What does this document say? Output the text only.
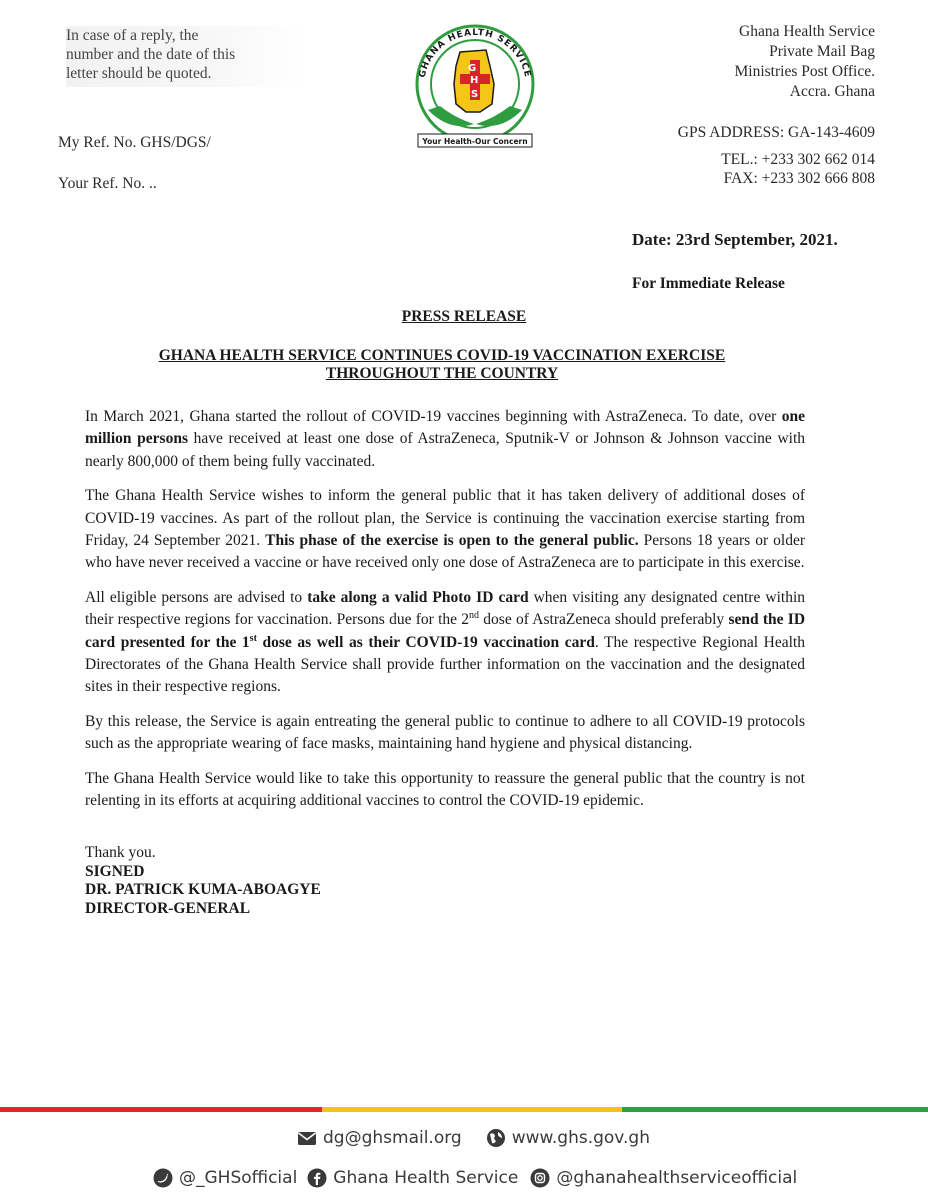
In case of a reply, the
number and the date of this
letter should be quoted.
My Ref. No. GHS/DGS/
Your Ref. No. ..
GHANA HEALTH SERVICE
G
H
S
Your Health-Our Concern
Ghana Health Service
Private Mail Bag
Ministries Post Office.
Accra. Ghana
GPS ADDRESS: GA-143-4609
TEL.: +233 302 662 014
FAX: +233 302 666 808
Date: 23rd September, 2021.
For Immediate Release
PRESS RELEASE
GHANA HEALTH SERVICE CONTINUES COVID-19 VACCINATION EXERCISE
THROUGHOUT THE COUNTRY

In March 2021, Ghana started the rollout of COVID-19 vaccines beginning with AstraZeneca. To date, over one million persons have received at least one dose of AstraZeneca, Sputnik-V or Johnson & Johnson vaccine with nearly 800,000 of them being fully vaccinated.

The Ghana Health Service wishes to inform the general public that it has taken delivery of additional doses of COVID-19 vaccines. As part of the rollout plan, the Service is continuing the vaccination exercise starting from Friday, 24 September 2021. This phase of the exercise is open to the general public. Persons 18 years or older who have never received a vaccine or have received only one dose of AstraZeneca are to participate in this exercise.

All eligible persons are advised to take along a valid Photo ID card when visiting any designated centre within their respective regions for vaccination. Persons due for the 2nd dose of AstraZeneca should preferably send the ID card presented for the 1st dose as well as their COVID-19 vaccination card. The respective Regional Health Directorates of the Ghana Health Service shall provide further information on the vaccination and the designated sites in their respective regions.

By this release, the Service is again entreating the general public to continue to adhere to all COVID-19 protocols such as the appropriate wearing of face masks, maintaining hand hygiene and physical distancing.

The Ghana Health Service would like to take this opportunity to reassure the general public that the country is not relenting in its efforts at acquiring additional vaccines to control the COVID-19 epidemic.

Thank you.
SIGNED
DR. PATRICK KUMA-ABOAGYE
DIRECTOR-GENERAL
dg@ghsmail.org	www.ghs.gov.gh
@_GHSofficial Ghana Health Service @ghanahealthserviceofficial
